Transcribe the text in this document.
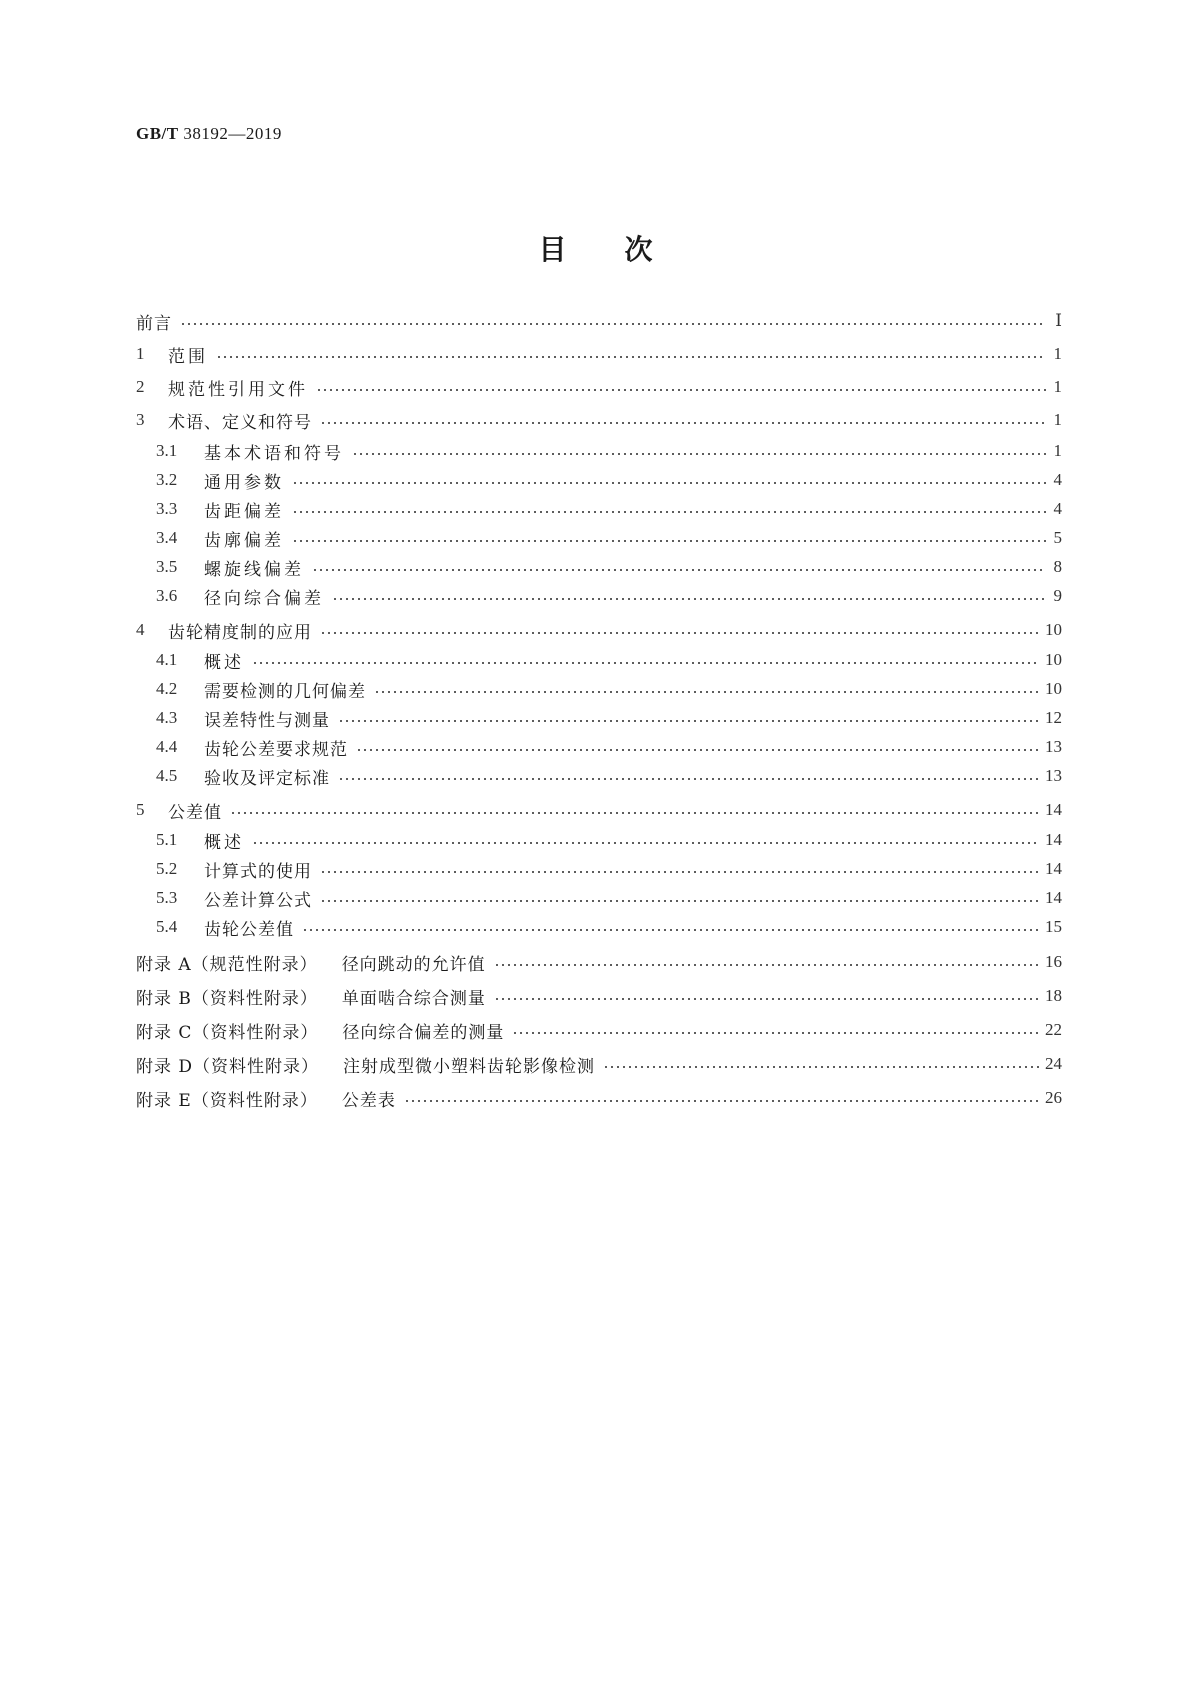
GB/T 38192—2019
目次
前言	Ⅰ
1	范围	1
2	规范性引用文件	1
3	术语、定义和符号	1
3.1	基本术语和符号	1
3.2	通用参数	4
3.3	齿距偏差	4
3.4	齿廓偏差	5
3.5	螺旋线偏差	8
3.6	径向综合偏差	9
4	齿轮精度制的应用	10
4.1	概述	10
4.2	需要检测的几何偏差	10
4.3	误差特性与测量	12
4.4	齿轮公差要求规范	13
4.5	验收及评定标准	13
5	公差值	14
5.1	概述	14
5.2	计算式的使用	14
5.3	公差计算公式	14
5.4	齿轮公差值	15
附录 A（规范性附录） 径向跳动的允许值	16
附录 B（资料性附录） 单面啮合综合测量	18
附录 C（资料性附录） 径向综合偏差的测量	22
附录 D（资料性附录） 注射成型微小塑料齿轮影像检测	24
附录 E（资料性附录） 公差表	26
